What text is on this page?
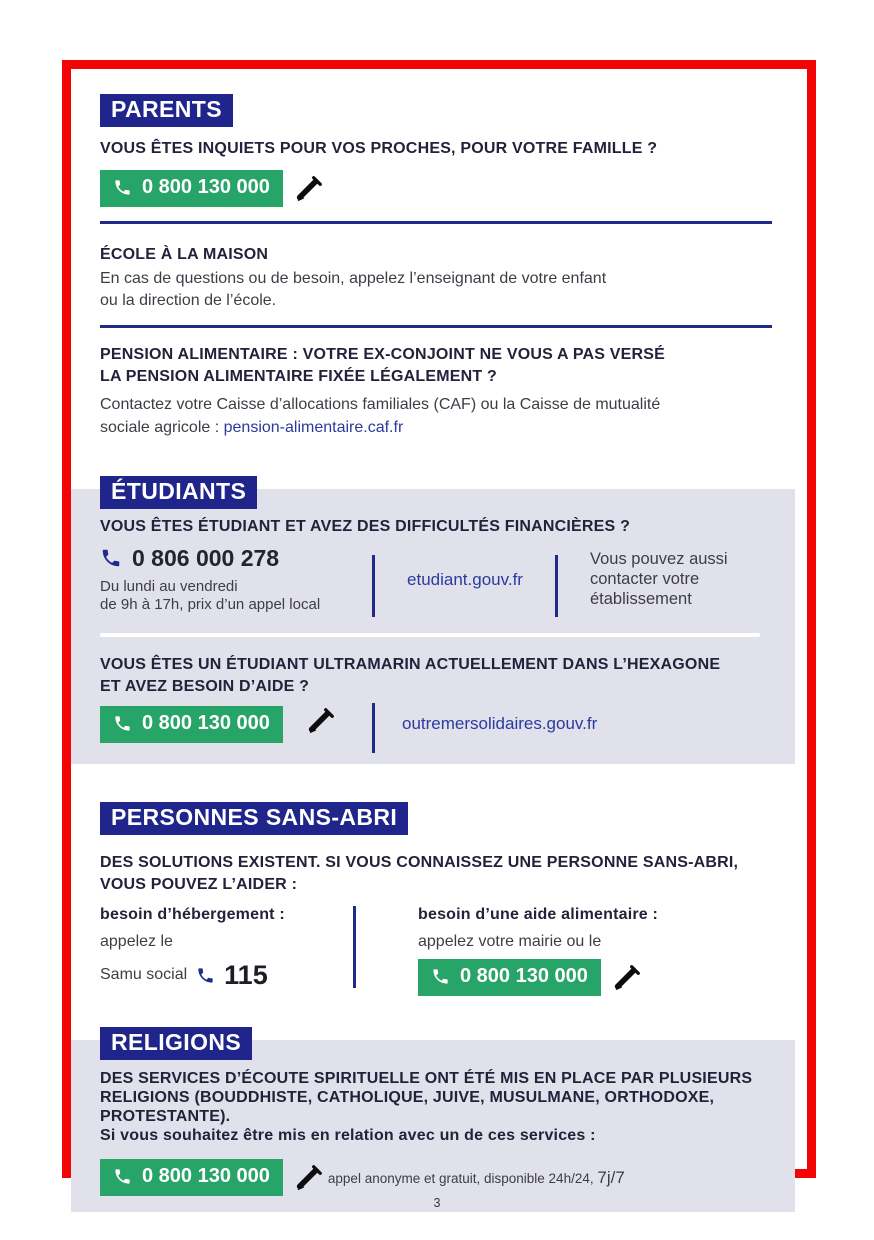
PARENTS
VOUS ÊTES INQUIETS POUR VOS PROCHES, POUR VOTRE FAMILLE ?
0 800 130 000
ÉCOLE À LA MAISON
En cas de questions ou de besoin, appelez l’enseignant de votre enfant
ou la direction de l’école.
PENSION ALIMENTAIRE : VOTRE EX-CONJOINT NE VOUS A PAS VERSÉ
LA PENSION ALIMENTAIRE FIXÉE LÉGALEMENT ?
Contactez votre Caisse d’allocations familiales (CAF) ou la Caisse de mutualité
sociale agricole : pension-alimentaire.caf.fr
ÉTUDIANTS
VOUS ÊTES ÉTUDIANT ET AVEZ DES DIFFICULTÉS FINANCIÈRES ?
0 806 000 278
Du lundi au vendredi
de 9h à 17h, prix d’un appel local
etudiant.gouv.fr
Vous pouvez aussi contacter votre établissement
VOUS ÊTES UN ÉTUDIANT ULTRAMARIN ACTUELLEMENT DANS L’HEXAGONE
ET AVEZ BESOIN D’AIDE ?
0 800 130 000	outremersolidaires.gouv.fr
PERSONNES SANS-ABRI
DES SOLUTIONS EXISTENT. SI VOUS CONNAISSEZ UNE PERSONNE SANS-ABRI,
VOUS POUVEZ L’AIDER :
besoin d’hébergement :
appelez le
Samu social 115
besoin d’une aide alimentaire :
appelez votre mairie ou le
0 800 130 000
RELIGIONS
DES SERVICES D’ÉCOUTE SPIRITUELLE ONT ÉTÉ MIS EN PLACE PAR PLUSIEURS
RELIGIONS (BOUDDHISTE, CATHOLIQUE, JUIVE, MUSULMANE, ORTHODOXE,
PROTESTANTE).
Si vous souhaitez être mis en relation avec un de ces services :
0 800 130 000	appel anonyme et gratuit, disponible 24h/24, 7j/7
3
